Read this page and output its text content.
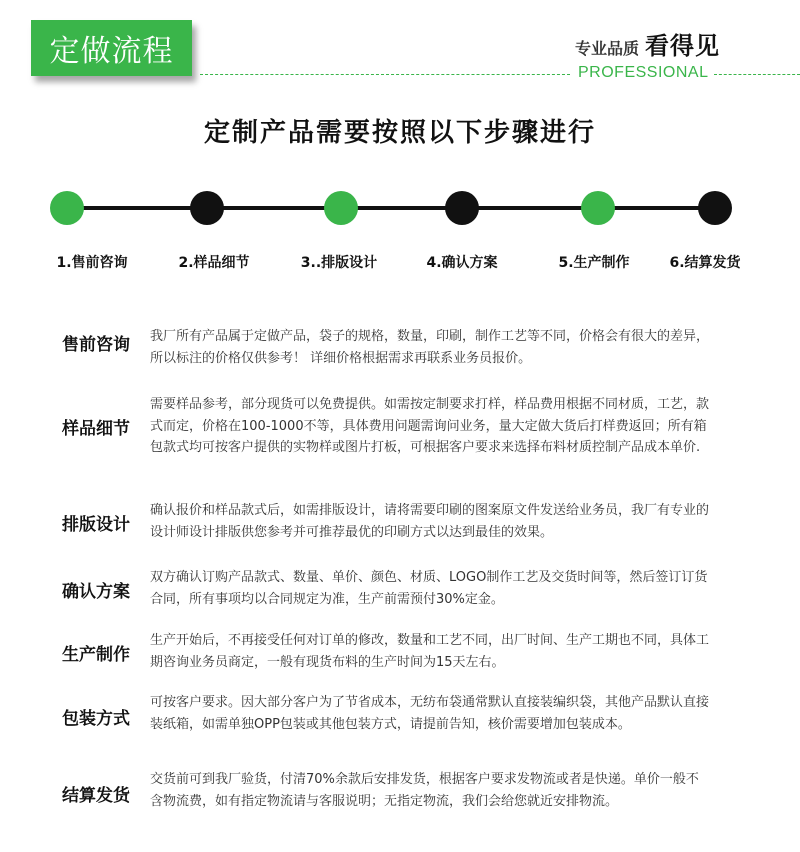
定做流程	专业品质 看得见
PROFESSIONAL
定制产品需要按照以下步骤进行
1.售前咨询	2.样品细节	3..排版设计	4.确认方案	5.生产制作	6.结算发货
售前咨询 我厂所有产品属于定做产品，袋子的规格，数量，印刷，制作工艺等不同，价格会有很大的差异，所以标注的价格仅供参考！ 详细价格根据需求再联系业务员报价。
样品细节
需要样品参考，部分现货可以免费提供。如需按定制要求打样，样品费用根据不同材质，工艺，款式而定，价格在100-1000不等，具体费用问题需询问业务，量大定做大货后打样费返回；所有箱包款式均可按客户提供的实物样或图片打板，可根据客户要求来选择布料材质控制产品成本单价.
排版设计
确认报价和样品款式后，如需排版设计，请将需要印刷的图案原文件发送给业务员，我厂有专业的设计师设计排版供您参考并可推荐最优的印刷方式以达到最佳的效果。
确认方案
双方确认订购产品款式、数量、单价、颜色、材质、LOGO制作工艺及交货时间等，然后签订订货合同，所有事项均以合同规定为准，生产前需预付30%定金。
生产制作
生产开始后，不再接受任何对订单的修改，数量和工艺不同，出厂时间、生产工期也不同，具体工期咨询业务员商定，一般有现货布料的生产时间为15天左右。
包装方式
可按客户要求。因大部分客户为了节省成本，无纺布袋通常默认直接装编织袋，其他产品默认直接装纸箱，如需单独OPP包装或其他包装方式，请提前告知，核价需要增加包装成本。
结算发货
交货前可到我厂验货，付清70%余款后安排发货，根据客户要求发物流或者是快递。单价一般不含物流费，如有指定物流请与客服说明；无指定物流，我们会给您就近安排物流。
